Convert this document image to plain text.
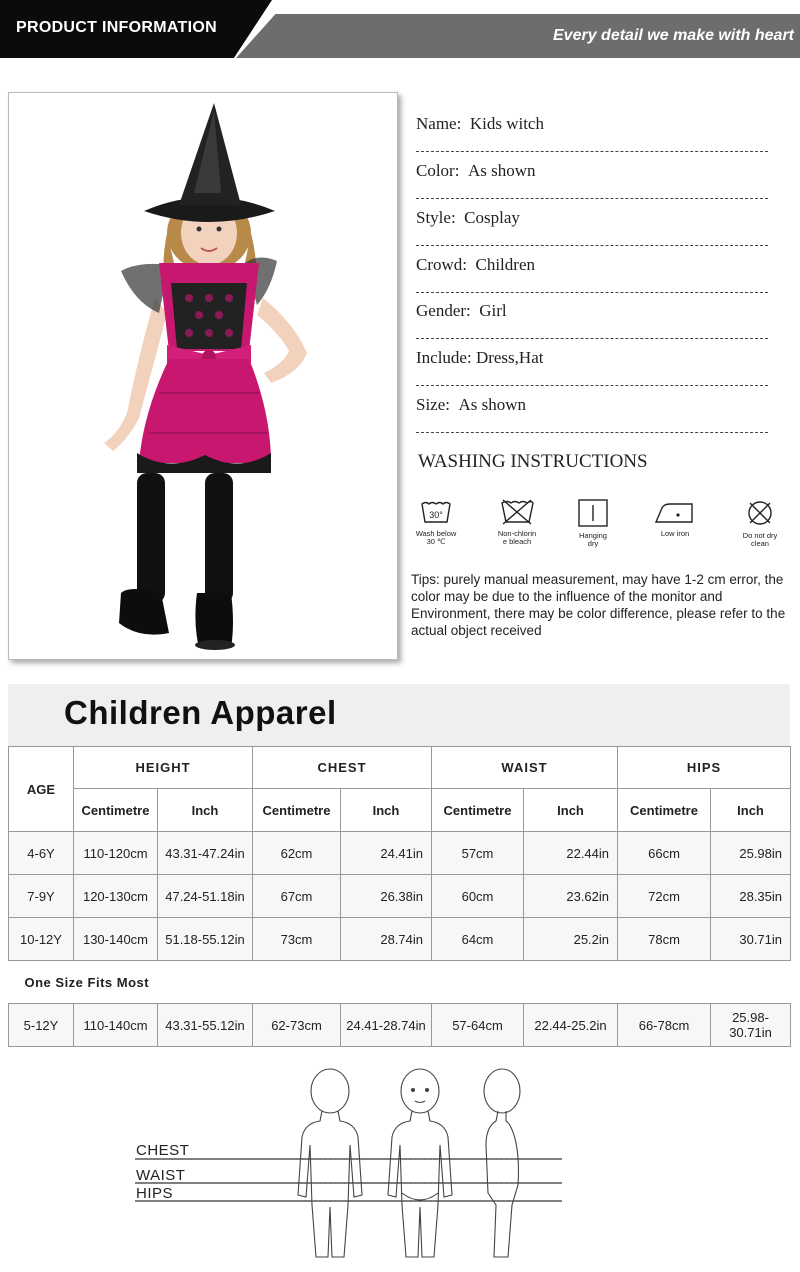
PRODUCT INFORMATION	Every detail we make with heart
Name: Kids witch
Color: As shown
Style: Cosplay
Crowd: Children
Gender: Girl
Include: Dress,Hat
Size: As shown
WASHING INSTRUCTIONS
30°
Wash below
30 ℃
Non-chlorin
e bleach
Hanging
dry
Low iron	Do not dry
clean
Tips: purely manual measurement, may have 1-2 cm error, the color may be due to the influence of the monitor and Environment, there may be color difference, please refer to the actual object received
Children Apparel
AGE	HEIGHT		CHEST		WAIST		HIPS	
	Centimetre	Inch	Centimetre	Inch	Centimetre	Inch	Centimetre	Inch
4-6Y	110-120cm	43.31-47.24in	62cm	24.41in	57cm	22.44in	66cm	25.98in
7-9Y	120-130cm	47.24-51.18in	67cm	26.38in	60cm	23.62in	72cm	28.35in
10-12Y	130-140cm	51.18-55.12in	73cm	28.74in	64cm	25.2in	78cm	30.71in
One Size Fits Most								
5-12Y	110-140cm	43.31-55.12in	62-73cm	24.41-28.74in	57-64cm	22.44-25.2in	66-78cm	25.98-30.71in
CHEST
WAIST
HIPS
